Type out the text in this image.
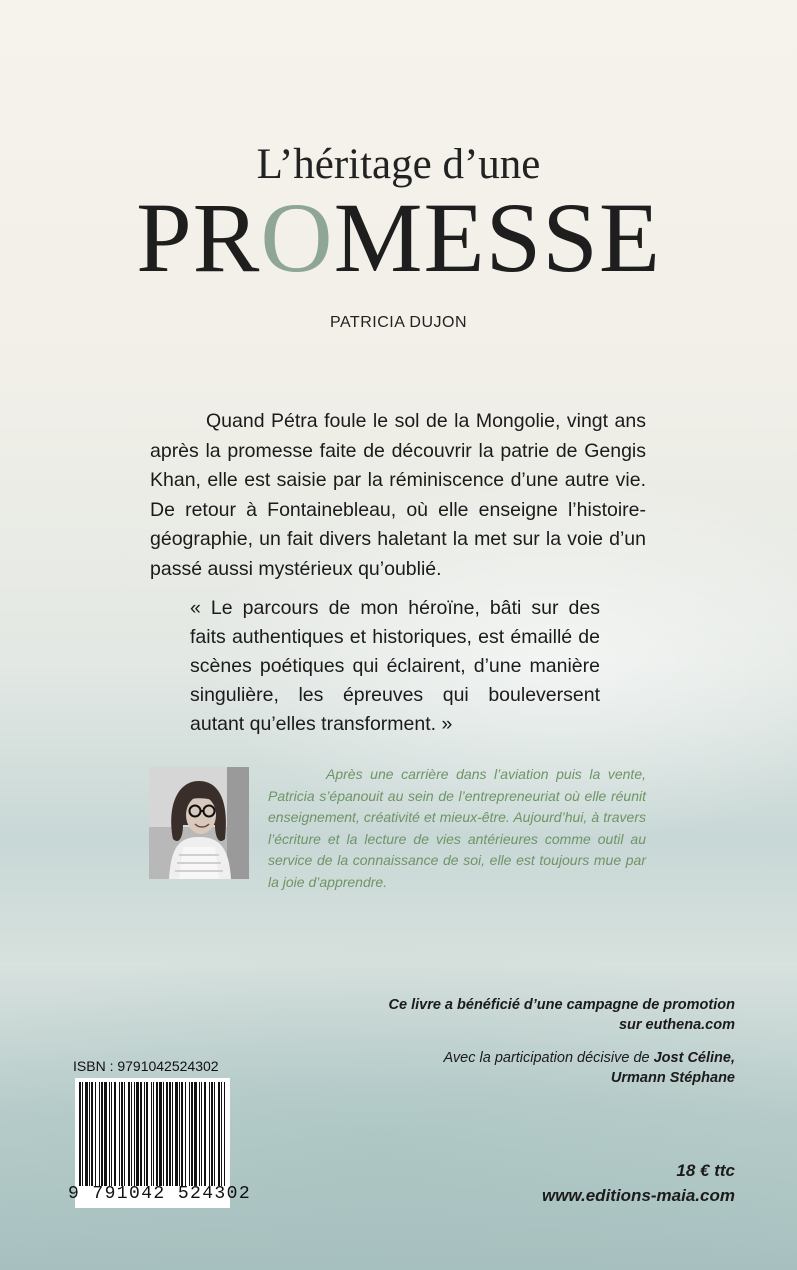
L’héritage d’une
PROMESSE
PATRICIA DUJON

Quand Pétra foule le sol de la Mongolie, vingt ans après la promesse faite de découvrir la patrie de Gengis Khan, elle est saisie par la réminiscence d’une autre vie. De retour à Fontainebleau, où elle enseigne l’histoire-géographie, un fait divers haletant la met sur la voie d’un passé aussi mystérieux qu’oublié.

« Le parcours de mon héroïne, bâti sur des faits authentiques et historiques, est émaillé de scènes poétiques qui éclairent, d’une manière singulière, les épreuves qui bouleversent autant qu’elles transforment. »

Après une carrière dans l’aviation puis la vente, Patricia s’épanouit au sein de l’entrepreneuriat où elle réunit enseignement, créativité et mieux-être. Aujourd’hui, à travers l’écriture et la lecture de vies antérieures comme outil au service de la connaissance de soi, elle est toujours mue par la joie d’apprendre.

Ce livre a bénéficié d’une campagne de promotion
sur euthena.com
Avec la participation décisive de Jost Céline,
Urmann Stéphane
ISBN : 9791042524302
9 791042 524302
18 € ttc
www.editions-maia.com
